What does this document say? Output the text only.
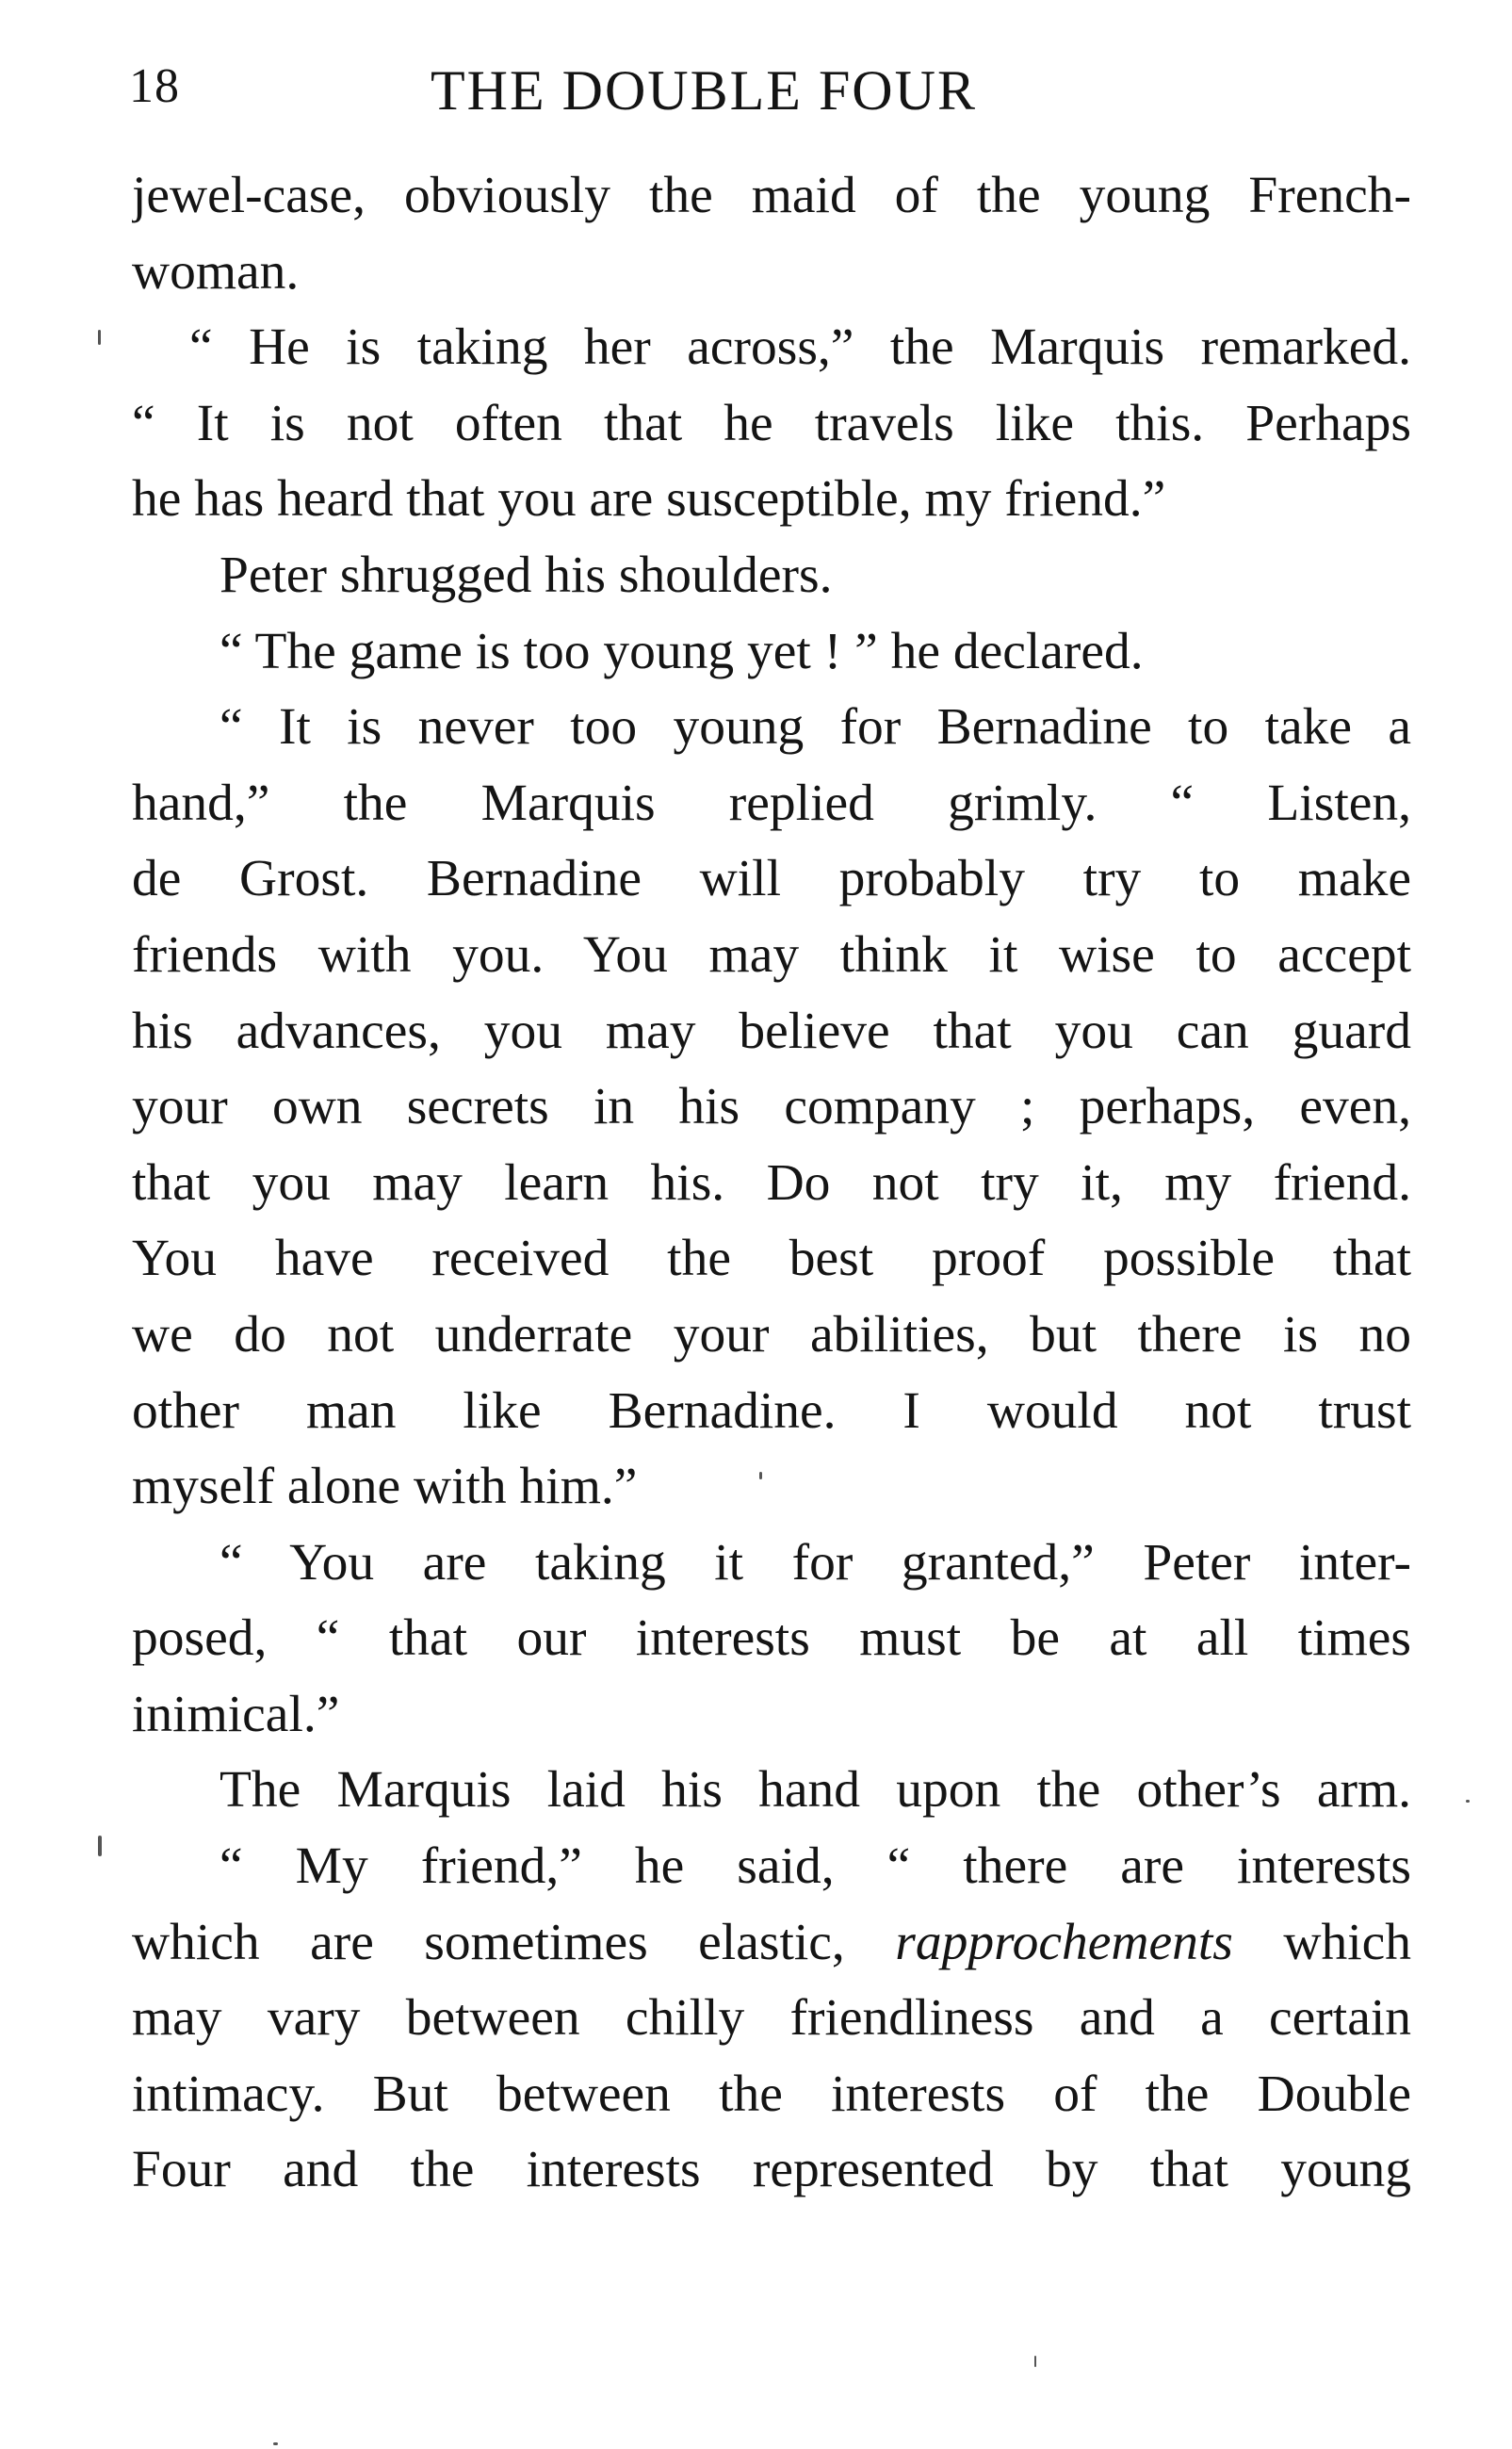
18	THE DOUBLE FOUR
jewel-case, obviously the maid of the young French-
woman.
“ He is taking her across,” the Marquis remarked.
“ It is not often that he travels like this. Perhaps
he has heard that you are susceptible, my friend.”
Peter shrugged his shoulders.
“ The game is too young yet ! ” he declared.
“ It is never too young for Bernadine to take a
hand,” the Marquis replied grimly. “ Listen,
de Grost. Bernadine will probably try to make
friends with you. You may think it wise to accept
his advances, you may believe that you can guard
your own secrets in his company ; perhaps, even,
that you may learn his. Do not try it, my friend.
You have received the best proof possible that
we do not underrate your abilities, but there is no
other man like Bernadine. I would not trust
myself alone with him.”
“ You are taking it for granted,” Peter inter-
posed, “ that our interests must be at all times
inimical.”
The Marquis laid his hand upon the other’s arm.
“ My friend,” he said, “ there are interests
which are sometimes elastic, rapprochements which
may vary between chilly friendliness and a certain
intimacy. But between the interests of the Double
Four and the interests represented by that young
